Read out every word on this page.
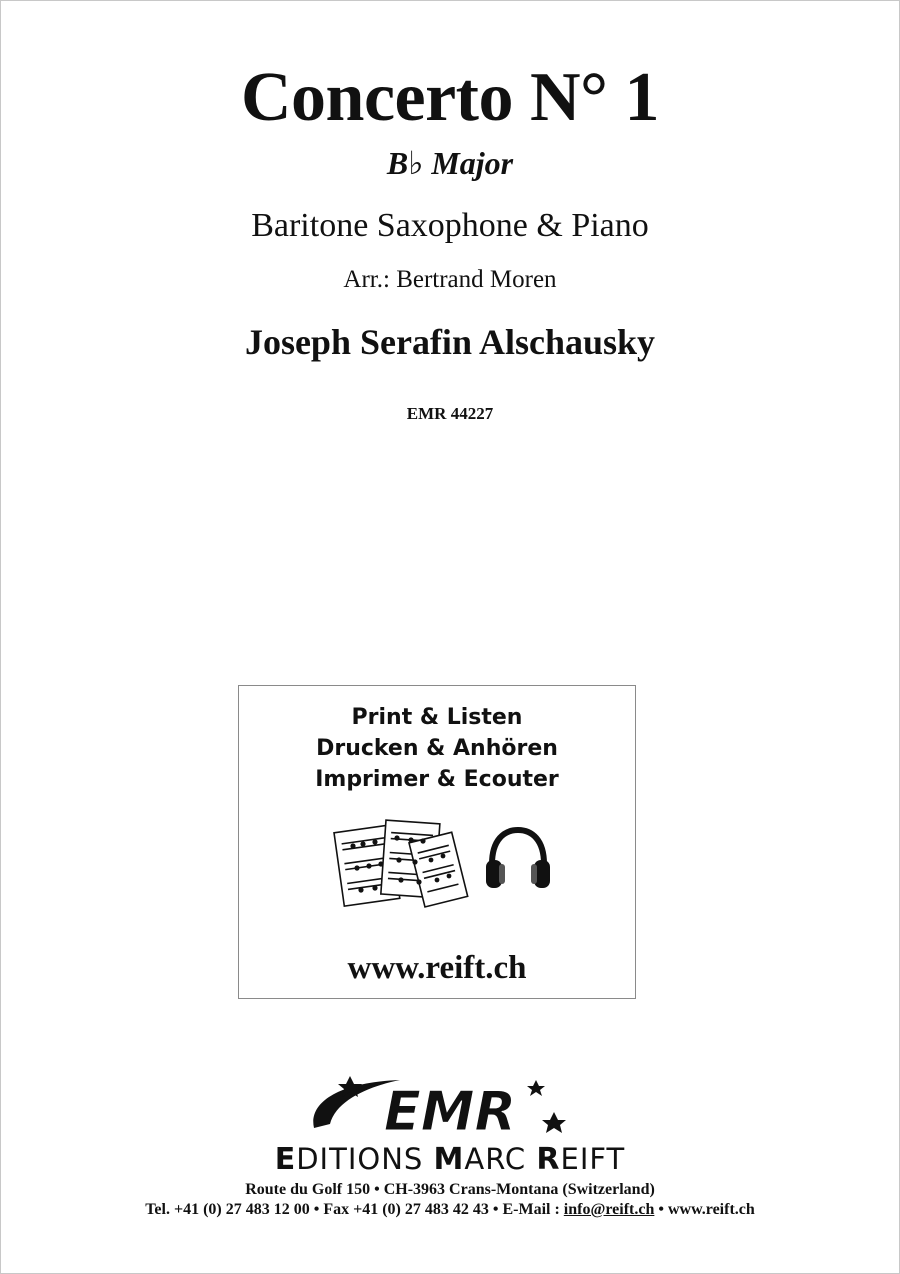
Concerto N° 1
B♭ Major
Baritone Saxophone & Piano
Arr.: Bertrand Moren
Joseph Serafin Alschausky
EMR 44227
Print & Listen
Drucken & Anhören
Imprimer & Ecouter
www.reift.ch
EMR
EDITIONS MARC REIFT
Route du Golf 150 • CH-3963 Crans-Montana (Switzerland)
Tel. +41 (0) 27 483 12 00 • Fax +41 (0) 27 483 42 43 • E-Mail : info@reift.ch • www.reift.ch
